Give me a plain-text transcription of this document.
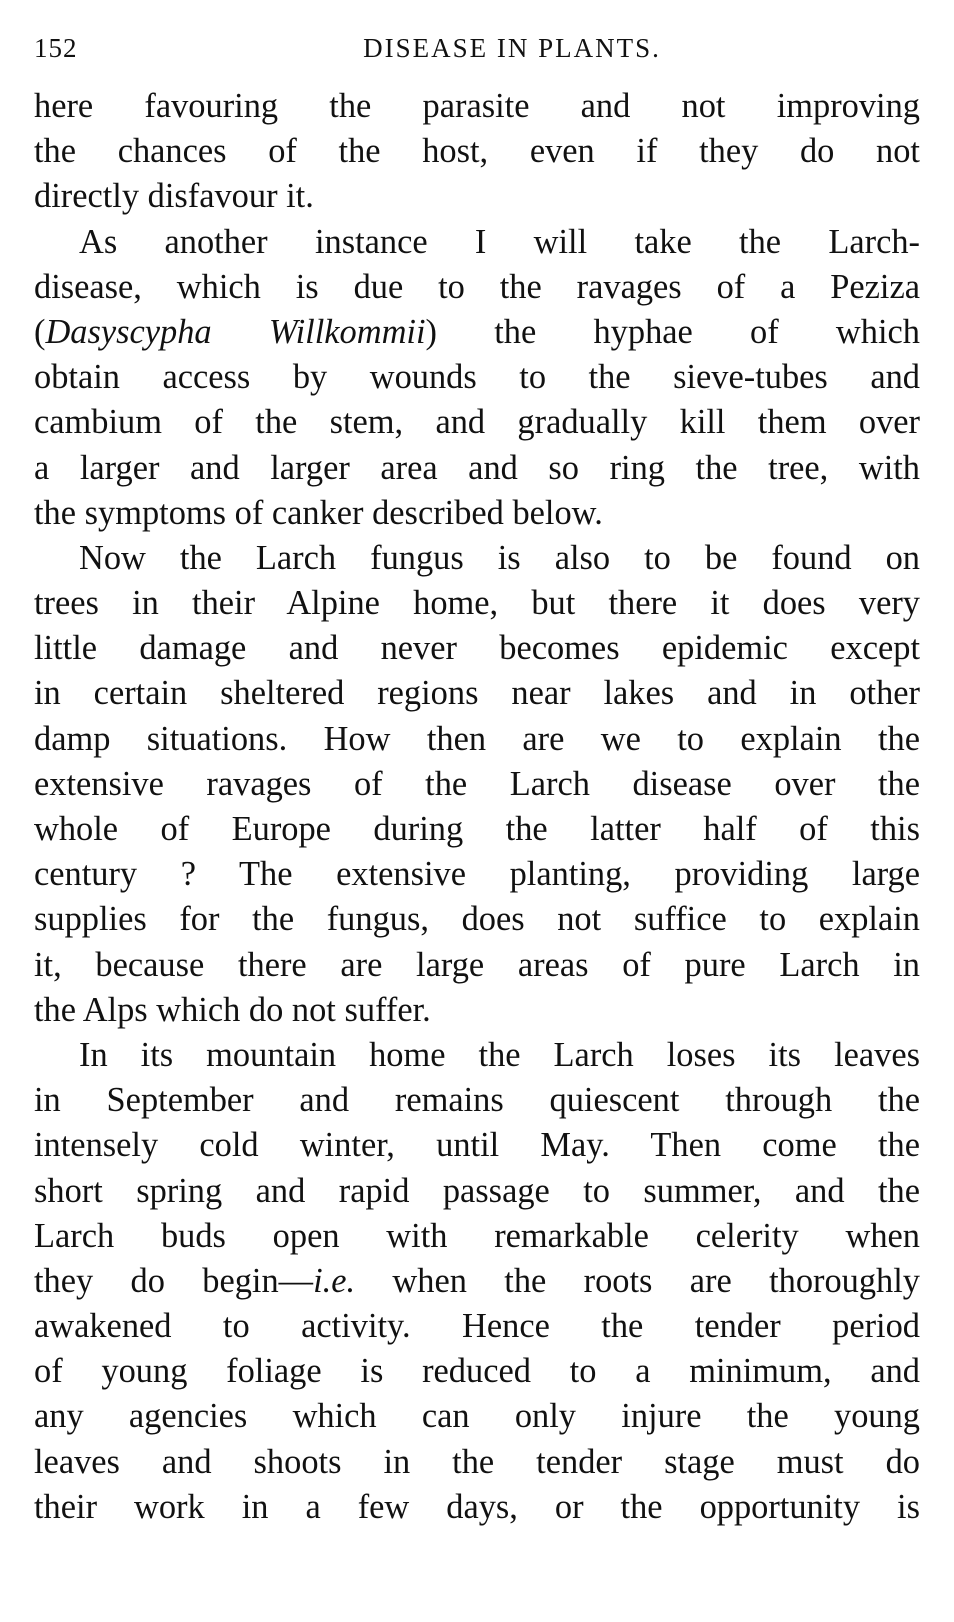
152	DISEASE IN PLANTS.
here favouring the parasite and not improving
the chances of the host, even if they do not
directly disfavour it.
As another instance I will take the Larch-
disease, which is due to the ravages of a Peziza
(Dasyscypha Willkommii) the hyphae of which
obtain access by wounds to the sieve-tubes and
cambium of the stem, and gradually kill them over
a larger and larger area and so ring the tree, with
the symptoms of canker described below.
Now the Larch fungus is also to be found on
trees in their Alpine home, but there it does very
little damage and never becomes epidemic except
in certain sheltered regions near lakes and in other
damp situations. How then are we to explain the
extensive ravages of the Larch disease over the
whole of Europe during the latter half of this
century ? The extensive planting, providing large
supplies for the fungus, does not suffice to explain
it, because there are large areas of pure Larch in
the Alps which do not suffer.
In its mountain home the Larch loses its leaves
in September and remains quiescent through the
intensely cold winter, until May. Then come the
short spring and rapid passage to summer, and the
Larch buds open with remarkable celerity when
they do begin—i.e. when the roots are thoroughly
awakened to activity. Hence the tender period
of young foliage is reduced to a minimum, and
any agencies which can only injure the young
leaves and shoots in the tender stage must do
their work in a few days, or the opportunity is
